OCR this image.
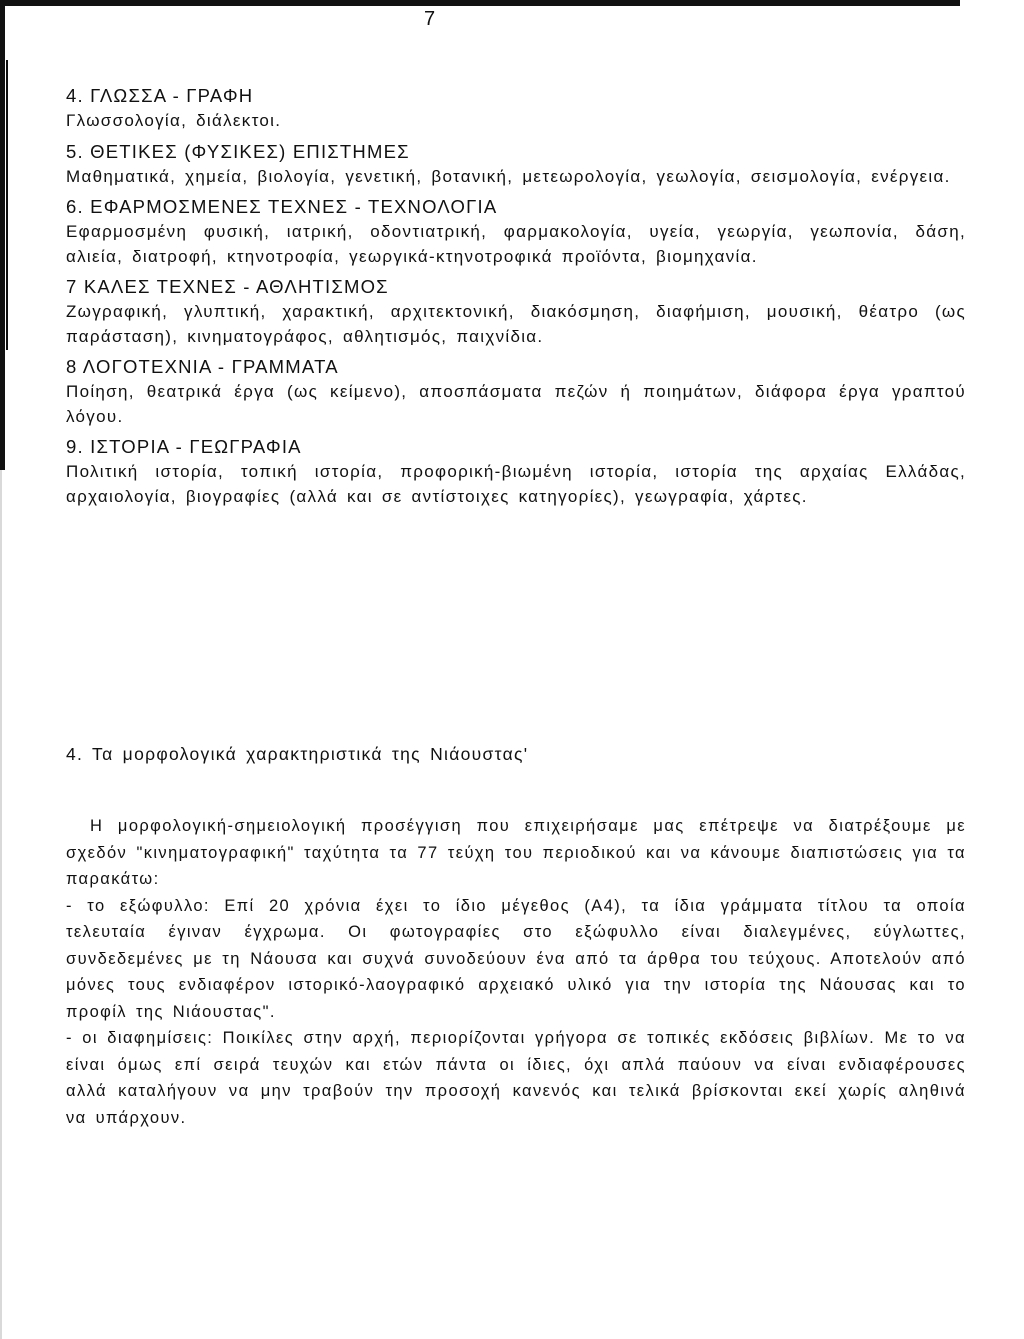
7

4. ΓΛΩΣΣΑ - ΓΡΑΦΗ

Γλωσσολογία, διάλεκτοι.

5. ΘΕΤΙΚΕΣ (ΦΥΣΙΚΕΣ) ΕΠΙΣΤΗΜΕΣ

Μαθηματικά, χημεία, βιολογία, γενετική, βοτανική, μετεωρολογία, γεωλογία, σεισμολογία, ενέργεια.

6. ΕΦΑΡΜΟΣΜΕΝΕΣ ΤΕΧΝΕΣ - ΤΕΧΝΟΛΟΓΙΑ

Εφαρμοσμένη φυσική, ιατρική, οδοντιατρική, φαρμακολογία, υγεία, γεωργία, γεωπονία, δάση, αλιεία, διατροφή, κτηνοτροφία, γεωργικά-κτηνοτροφικά προϊόντα, βιομηχανία.

7 ΚΑΛΕΣ ΤΕΧΝΕΣ - ΑΘΛΗΤΙΣΜΟΣ

Ζωγραφική, γλυπτική, χαρακτική, αρχιτεκτονική, διακόσμηση, διαφήμιση, μουσική, θέατρο (ως παράσταση), κινηματογράφος, αθλητισμός, παιχνίδια.

8 ΛΟΓΟΤΕΧΝΙΑ - ΓΡΑΜΜΑΤΑ

Ποίηση, θεατρικά έργα (ως κείμενο), αποσπάσματα πεζών ή ποιημάτων, διάφορα έργα γραπτού λόγου.

9. ΙΣΤΟΡΙΑ - ΓΕΩΓΡΑΦΙΑ

Πολιτική ιστορία, τοπική ιστορία, προφορική-βιωμένη ιστορία, ιστορία της αρχαίας Ελλάδας, αρχαιολογία, βιογραφίες (αλλά και σε αντίστοιχες κατηγορίες), γεωγραφία, χάρτες.

4. Τα μορφολογικά χαρακτηριστικά της Νιάουστας'

Η μορφολογική-σημειολογική προσέγγιση που επιχειρήσαμε μας επέτρεψε να διατρέξουμε με σχεδόν "κινηματογραφική" ταχύτητα τα 77 τεύχη του περιοδικού και να κάνουμε διαπιστώσεις για τα παρακάτω:

- το εξώφυλλο: Επί 20 χρόνια έχει το ίδιο μέγεθος (Α4), τα ίδια γράμματα τίτλου τα οποία τελευταία έγιναν έγχρωμα. Οι φωτογραφίες στο εξώφυλλο είναι διαλεγμένες, εύγλωττες, συνδεδεμένες με τη Νάουσα και συχνά συνοδεύουν ένα από τα άρθρα του τεύχους. Αποτελούν από μόνες τους ενδιαφέρον ιστορικό-λαογραφικό αρχειακό υλικό για την ιστορία της Νάουσας και το προφίλ της Νιάουστας".

- οι διαφημίσεις: Ποικίλες στην αρχή, περιορίζονται γρήγορα σε τοπικές εκδόσεις βιβλίων. Με το να είναι όμως επί σειρά τευχών και ετών πάντα οι ίδιες, όχι απλά παύουν να είναι ενδιαφέρουσες αλλά καταλήγουν να μην τραβούν την προσοχή κανενός και τελικά βρίσκονται εκεί χωρίς αληθινά να υπάρχουν.
